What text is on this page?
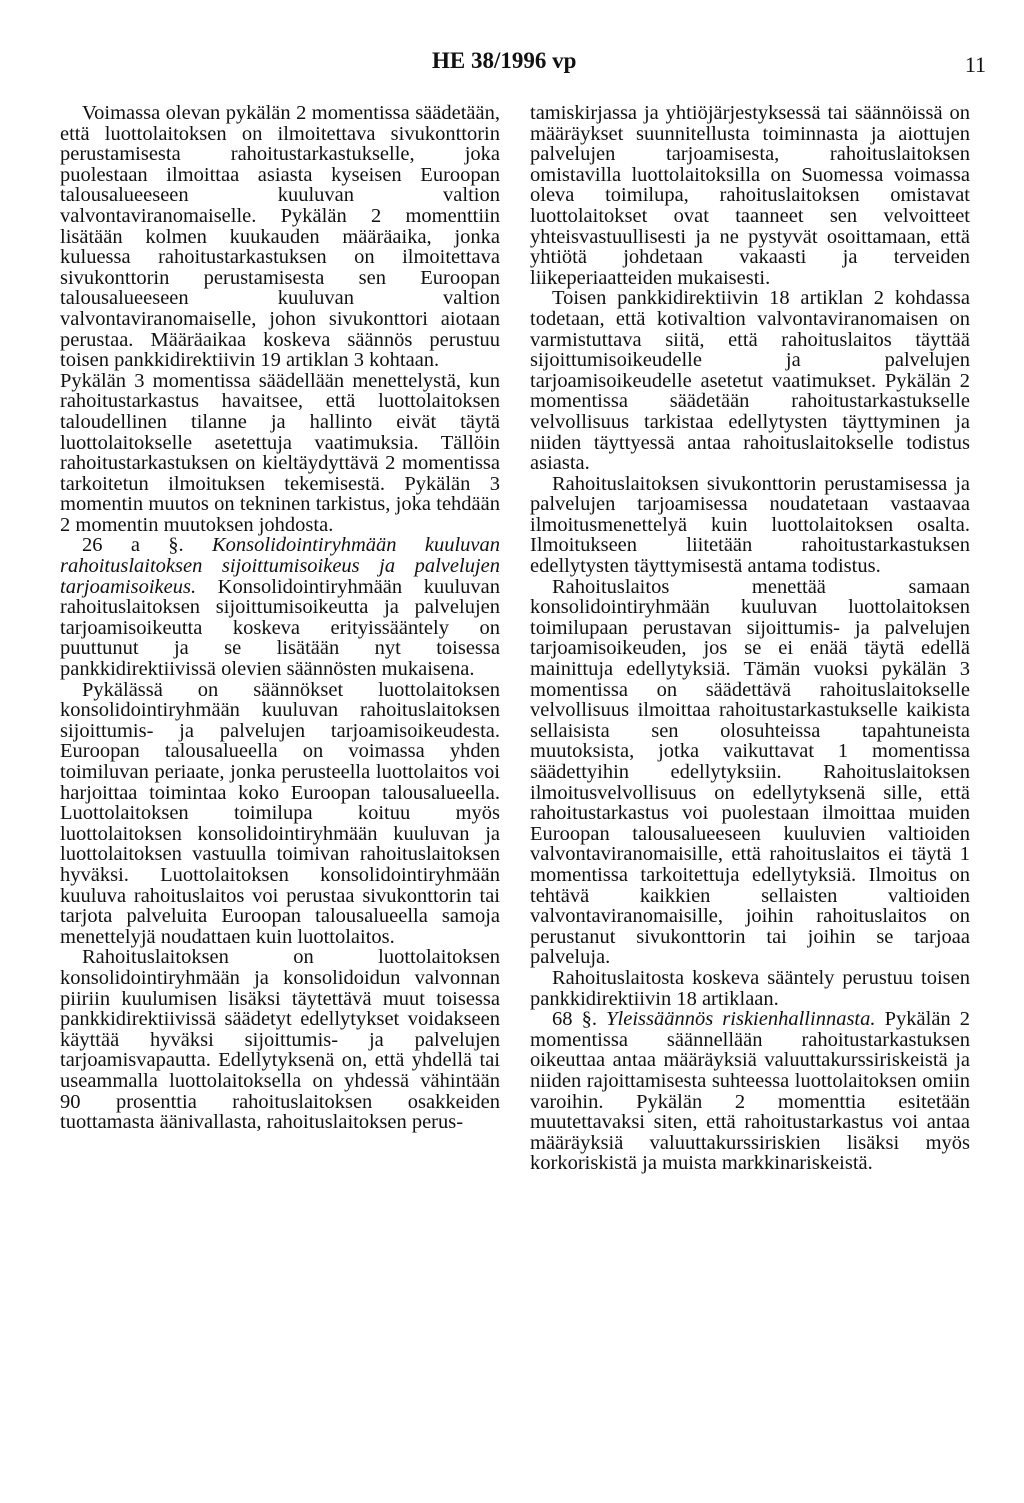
HE 38/1996 vp	11

Voimassa olevan pykälän 2 momentissa säädetään, että luottolaitoksen on ilmoitettava sivukonttorin perustamisesta rahoitustarkastukselle, joka puolestaan ilmoittaa asiasta kyseisen Euroopan talousalueeseen kuuluvan valtion valvontaviranomaiselle. Pykälän 2 momenttiin lisätään kolmen kuukauden määräaika, jonka kuluessa rahoitustarkastuksen on ilmoitettava sivukonttorin perustamisesta sen Euroopan talousalueeseen kuuluvan valtion valvontaviranomaiselle, johon sivukonttori aiotaan perustaa. Määräaikaa koskeva säännös perustuu toisen pankkidirektiivin 19 artiklan 3 kohtaan.

Pykälän 3 momentissa säädellään menettelystä, kun rahoitustarkastus havaitsee, että luottolaitoksen taloudellinen tilanne ja hallinto eivät täytä luottolaitokselle asetettuja vaatimuksia. Tällöin rahoitustarkastuksen on kieltäydyttävä 2 momentissa tarkoitetun ilmoituksen tekemisestä. Pykälän 3 momentin muutos on tekninen tarkistus, joka tehdään 2 momentin muutoksen johdosta.

26 a §. Konsolidointiryhmään kuuluvan rahoituslaitoksen sijoittumisoikeus ja palvelujen tarjoamisoikeus. Konsolidointiryhmään kuuluvan rahoituslaitoksen sijoittumisoikeutta ja palvelujen tarjoamisoikeutta koskeva erityissääntely on puuttunut ja se lisätään nyt toisessa pankkidirektiivissä olevien säännösten mukaisena.

Pykälässä on säännökset luottolaitoksen konsolidointiryhmään kuuluvan rahoituslaitoksen sijoittumis- ja palvelujen tarjoamisoikeudesta. Euroopan talousalueella on voimassa yhden toimiluvan periaate, jonka perusteella luottolaitos voi harjoittaa toimintaa koko Euroopan talousalueella. Luottolaitoksen toimilupa koituu myös luottolaitoksen konsolidointiryhmään kuuluvan ja luottolaitoksen vastuulla toimivan rahoituslaitoksen hyväksi. Luottolaitoksen konsolidointiryhmään kuuluva rahoituslaitos voi perustaa sivukonttorin tai tarjota palveluita Euroopan talousalueella samoja menettelyjä noudattaen kuin luottolaitos.

Rahoituslaitoksen on luottolaitoksen konsolidointiryhmään ja konsolidoidun valvonnan piiriin kuulumisen lisäksi täytettävä muut toisessa pankkidirektiivissä säädetyt edellytykset voidakseen käyttää hyväksi sijoittumis- ja palvelujen tarjoamisvapautta. Edellytyksenä on, että yhdellä tai useammalla luottolaitoksella on yhdessä vähintään 90 prosenttia rahoituslaitoksen osakkeiden tuottamasta äänivallasta, rahoituslaitoksen perus-

tamiskirjassa ja yhtiöjärjestyksessä tai säännöissä on määräykset suunnitellusta toiminnasta ja aiottujen palvelujen tarjoamisesta, rahoituslaitoksen omistavilla luottolaitoksilla on Suomessa voimassa oleva toimilupa, rahoituslaitoksen omistavat luottolaitokset ovat taanneet sen velvoitteet yhteisvastuullisesti ja ne pystyvät osoittamaan, että yhtiötä johdetaan vakaasti ja terveiden liikeperiaatteiden mukaisesti.

Toisen pankkidirektiivin 18 artiklan 2 kohdassa todetaan, että kotivaltion valvontaviranomaisen on varmistuttava siitä, että rahoituslaitos täyttää sijoittumisoikeudelle ja palvelujen tarjoamisoikeudelle asetetut vaatimukset. Pykälän 2 momentissa säädetään rahoitustarkastukselle velvollisuus tarkistaa edellytysten täyttyminen ja niiden täyttyessä antaa rahoituslaitokselle todistus asiasta.

Rahoituslaitoksen sivukonttorin perustamisessa ja palvelujen tarjoamisessa noudatetaan vastaavaa ilmoitusmenettelyä kuin luottolaitoksen osalta. Ilmoitukseen liitetään rahoitustarkastuksen edellytysten täyttymisestä antama todistus.

Rahoituslaitos menettää samaan konsolidointiryhmään kuuluvan luottolaitoksen toimilupaan perustavan sijoittumis- ja palvelujen tarjoamisoikeuden, jos se ei enää täytä edellä mainittuja edellytyksiä. Tämän vuoksi pykälän 3 momentissa on säädettävä rahoituslaitokselle velvollisuus ilmoittaa rahoitustarkastukselle kaikista sellaisista sen olosuhteissa tapahtuneista muutoksista, jotka vaikuttavat 1 momentissa säädettyihin edellytyksiin. Rahoituslaitoksen ilmoitusvelvollisuus on edellytyksenä sille, että rahoitustarkastus voi puolestaan ilmoittaa muiden Euroopan talousalueeseen kuuluvien valtioiden valvontaviranomaisille, että rahoituslaitos ei täytä 1 momentissa tarkoitettuja edellytyksiä. Ilmoitus on tehtävä kaikkien sellaisten valtioiden valvontaviranomaisille, joihin rahoituslaitos on perustanut sivukonttorin tai joihin se tarjoaa palveluja.

Rahoituslaitosta koskeva sääntely perustuu toisen pankkidirektiivin 18 artiklaan.

68 §. Yleissäännös riskienhallinnasta. Pykälän 2 momentissa säännellään rahoitustarkastuksen oikeuttaa antaa määräyksiä valuuttakurssiriskeistä ja niiden rajoittamisesta suhteessa luottolaitoksen omiin varoihin. Pykälän 2 momenttia esitetään muutettavaksi siten, että rahoitustarkastus voi antaa määräyksiä valuuttakurssiriskien lisäksi myös korkoriskistä ja muista markkinariskeistä.
